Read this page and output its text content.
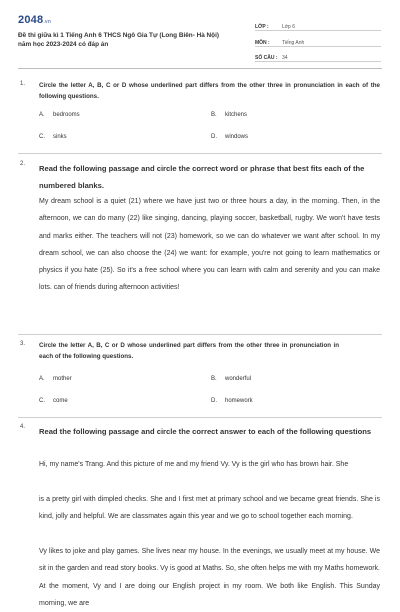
2048.vn
Đề thi giữa kì 1 Tiếng Anh 6 THCS Ngô Gia Tự (Long Biên- Hà Nội) năm học 2023-2024 có đáp án
LỚP :	Lớp 6
MÔN :	Tiếng Anh
SỐ CÂU : 34
1. Circle the letter A, B, C or D whose underlined part differs from the other three in pronunciation in each of the following questions.
A. bedrooms	B. kitchens
C. sinks	D. windows
2. Read the following passage and circle the correct word or phrase that best fits each of the numbered blanks.
My dream school is a quiet (21) where we have just two or three hours a day, in the morning. Then, in the afternoon, we can do many (22) like singing, dancing, playing soccer, basketball, rugby. We won't have tests and marks either. The teachers will not (23) homework, so we can do whatever we want after school. In my dream school, we can also choose the (24) we want: for example, you're not going to learn mathematics or physics if you hate (25). So it's a free school where you can learn with calm and serenity and you can make lots. can of friends during afternoon activities!
3. Circle the letter A, B, C or D whose underlined part differs from the other three in pronunciation in each of the following questions.
A. mother	B. wonderful
C. come	D. homework
4. Read the following passage and circle the correct answer to each of the following questions
Hi, my name's Trang. And this picture of me and my friend Vy. Vy is the girl who has brown hair. She
is a pretty girl with dimpled checks. She and I first met at primary school and we became great friends. She is kind, jolly and helpful. We are classmates again this year and we go to school together each morning.
Vy likes to joke and play games. She lives near my house. In the evenings, we usually meet at my house. We sit in the garden and read story books. Vy is good at Maths. So, she often helps me with my Maths homework. At the moment, Vy and I are doing our English project in my room. We both like English. This Sunday morning, we are
